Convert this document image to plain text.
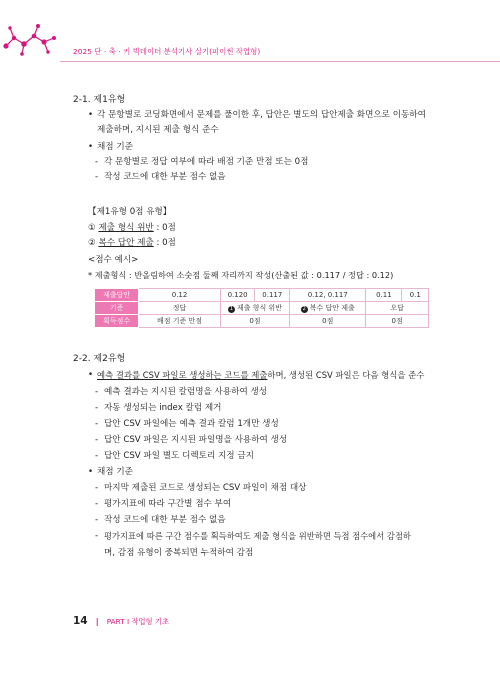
2025 단 · 축 · 키 빅데이터 분석기사 실기(피이썬 작업형)
2-1. 제1유형
• 각 문항별로 코딩화면에서 문제를 풀이한 후, 답안은 별도의 답안제출 화면으로 이동하여
제출하며, 지시된 제출 형식 준수
• 채점 기준
- 각 문항별로 정답 여부에 따라 배점 기준 만점 또는 0점
- 작성 코드에 대한 부분 점수 없음
【제1유형 0점 유형】
① 제출 형식 위반 : 0점
② 복수 답안 제출 : 0점
<점수 예시>
* 제출형식 : 반올림하여 소숫점 둘째 자리까지 작성(산출된 값 : 0.117 / 정답 : 0.12)
제출답안	0.12	0.120	0.117	0.12, 0.117	0.11	0.1
기준	정답	1 제출 형식 위반		2 복수 답안 제출	오답	
획득점수	배점 기준 만점	0점		0점	0점	
2-2. 제2유형
• 예측 결과를 CSV 파일로 생성하는 코드를 제출하며, 생성된 CSV 파일은 다음 형식을 준수
- 예측 결과는 지시된 칼럼명을 사용하여 생성
- 자동 생성되는 index 칼럼 제거
- 답안 CSV 파일에는 예측 결과 칼럼 1개만 생성
- 답안 CSV 파일은 지시된 파일명을 사용하여 생성
- 답안 CSV 파일 별도 디렉토리 지정 금지
• 채점 기준
- 마지막 제출된 코드로 생성되는 CSV 파일이 채점 대상
- 평가지표에 따라 구간별 점수 부여
- 작성 코드에 대한 부분 점수 없음
- 평가지표에 따른 구간 점수를 획득하여도 제출 형식을 위반하면 득점 점수에서 감점하
며, 감점 유형이 중복되면 누적하여 감점
14 | PART Ⅰ 작업형 기초
